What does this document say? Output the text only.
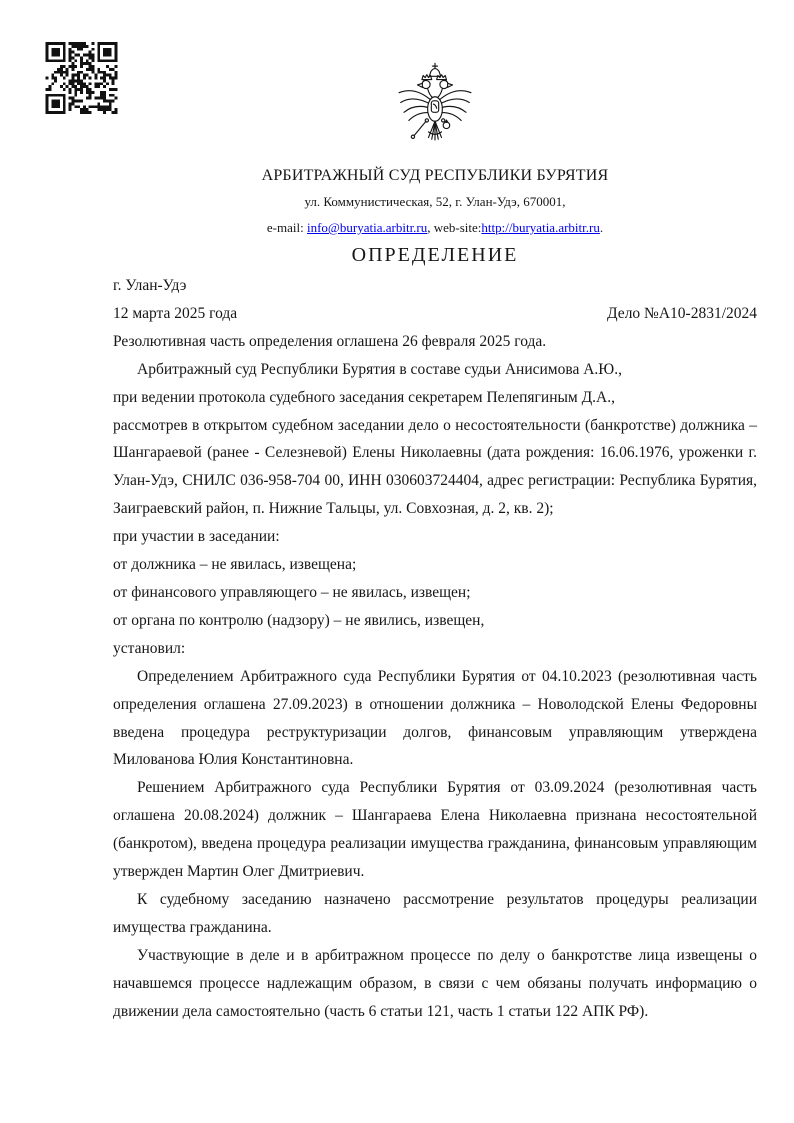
АРБИТРАЖНЫЙ СУД РЕСПУБЛИКИ БУРЯТИЯ
ул. Коммунистическая, 52, г. Улан-Удэ, 670001,
e-mail: info@buryatia.arbitr.ru, web-site:http://buryatia.arbitr.ru.
ОПРЕДЕЛЕНИЕ
г. Улан-Удэ
12 марта 2025 года	Дело №А10-2831/2024
Резолютивная часть определения оглашена 26 февраля 2025 года.
Арбитражный суд Республики Бурятия в составе судьи Анисимова А.Ю.,
при ведении протокола судебного заседания секретарем Пелепягиным Д.А.,
рассмотрев в открытом судебном заседании дело о несостоятельности (банкротстве) должника – Шангараевой (ранее - Селезневой) Елены Николаевны (дата рождения: 16.06.1976, уроженки г. Улан-Удэ, СНИЛС 036-958-704 00, ИНН 030603724404, адрес регистрации: Республика Бурятия, Заиграевский район, п. Нижние Тальцы, ул. Совхозная, д. 2, кв. 2);
при участии в заседании:
от должника – не явилась, извещена;
от финансового управляющего – не явилась, извещен;
от органа по контролю (надзору) – не явились, извещен,
установил:
Определением Арбитражного суда Республики Бурятия от 04.10.2023 (резолютивная часть определения оглашена 27.09.2023) в отношении должника – Новолодской Елены Федоровны введена процедура реструктуризации долгов, финансовым управляющим утверждена Милованова Юлия Константиновна.
Решением Арбитражного суда Республики Бурятия от 03.09.2024 (резолютивная часть оглашена 20.08.2024) должник – Шангараева Елена Николаевна признана несостоятельной (банкротом), введена процедура реализации имущества гражданина, финансовым управляющим утвержден Мартин Олег Дмитриевич.
К судебному заседанию назначено рассмотрение результатов процедуры реализации имущества гражданина.
Участвующие в деле и в арбитражном процессе по делу о банкротстве лица извещены о начавшемся процессе надлежащим образом, в связи с чем обязаны получать информацию о движении дела самостоятельно (часть 6 статьи 121, часть 1 статьи 122 АПК РФ).
